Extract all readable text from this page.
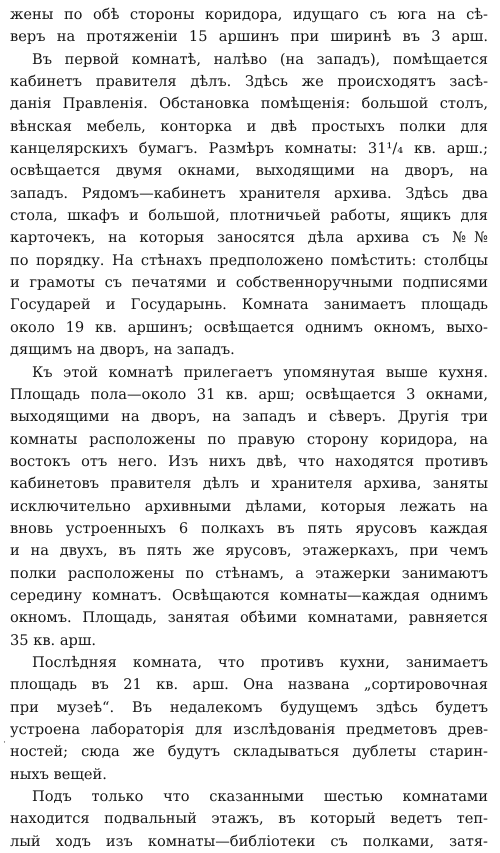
жены по обѣ стороны коридора, идущаго съ юга на сѣ-
веръ на протяженiи 15 аршинъ при ширинѣ въ 3 арш.
Въ первой комнатѣ, налѣво (на западъ), помѣщается
кабинетъ правителя дѣлъ. Здѣсь же происходятъ засѣ-
данiя Правленiя. Обстановка помѣщенiя: большой столъ,
вѣнская мебель, конторка и двѣ простыхъ полки для
канцелярскихъ бумагъ. Размѣръ комнаты: 31¹/₄ кв. арш.;
освѣщается двумя окнами, выходящими на дворъ, на
западъ. Рядомъ—кабинетъ хранителя архива. Здѣсь два
стола, шкафъ и большой, плотничьей работы, ящикъ для
карточекъ, на которыя заносятся дѣла архива съ №№
по порядку. На стѣнахъ предположено помѣстить: столбцы
и грамоты съ печатями и собственноручными подписями
Государей и Государынь. Комната занимаетъ площадь
около 19 кв. аршинъ; освѣщается однимъ окномъ, выхо-
дящимъ на дворъ, на западъ.
Къ этой комнатѣ прилегаетъ упомянутая выше кухня.
Площадь пола—около 31 кв. арш; освѣщается 3 окнами,
выходящими на дворъ, на западъ и сѣверъ. Другiя три
комнаты расположены по правую сторону коридора, на
востокъ отъ него. Изъ нихъ двѣ, что находятся противъ
кабинетовъ правителя дѣлъ и хранителя архива, заняты
исключительно архивными дѣлами, которыя лежать на
вновь устроенныхъ 6 полкахъ въ пять ярусовъ каждая
и на двухъ, въ пять же ярусовъ, этажеркахъ, при чемъ
полки расположены по стѣнамъ, а этажерки занимаютъ
середину комнатъ. Освѣщаются комнаты—каждая однимъ
окномъ. Площадь, занятая обѣими комнатами, равняется
35 кв. арш.
Послѣдняя комната, что противъ кухни, занимаетъ
площадь въ 21 кв. арш. Она названа „сортировочная
при музеѣ“. Въ недалекомъ будущемъ здѣсь будетъ
устроена лабораторiя для изслѣдованiя предметовъ древ-
ностей; сюда же будутъ складываться дублеты старин-
ныхъ вещей.
Подъ только что сказанными шестью комнатами
находится подвальный этажъ, въ который ведетъ теп-
лый ходъ изъ комнаты—библiотеки съ полками, затя-
˙
